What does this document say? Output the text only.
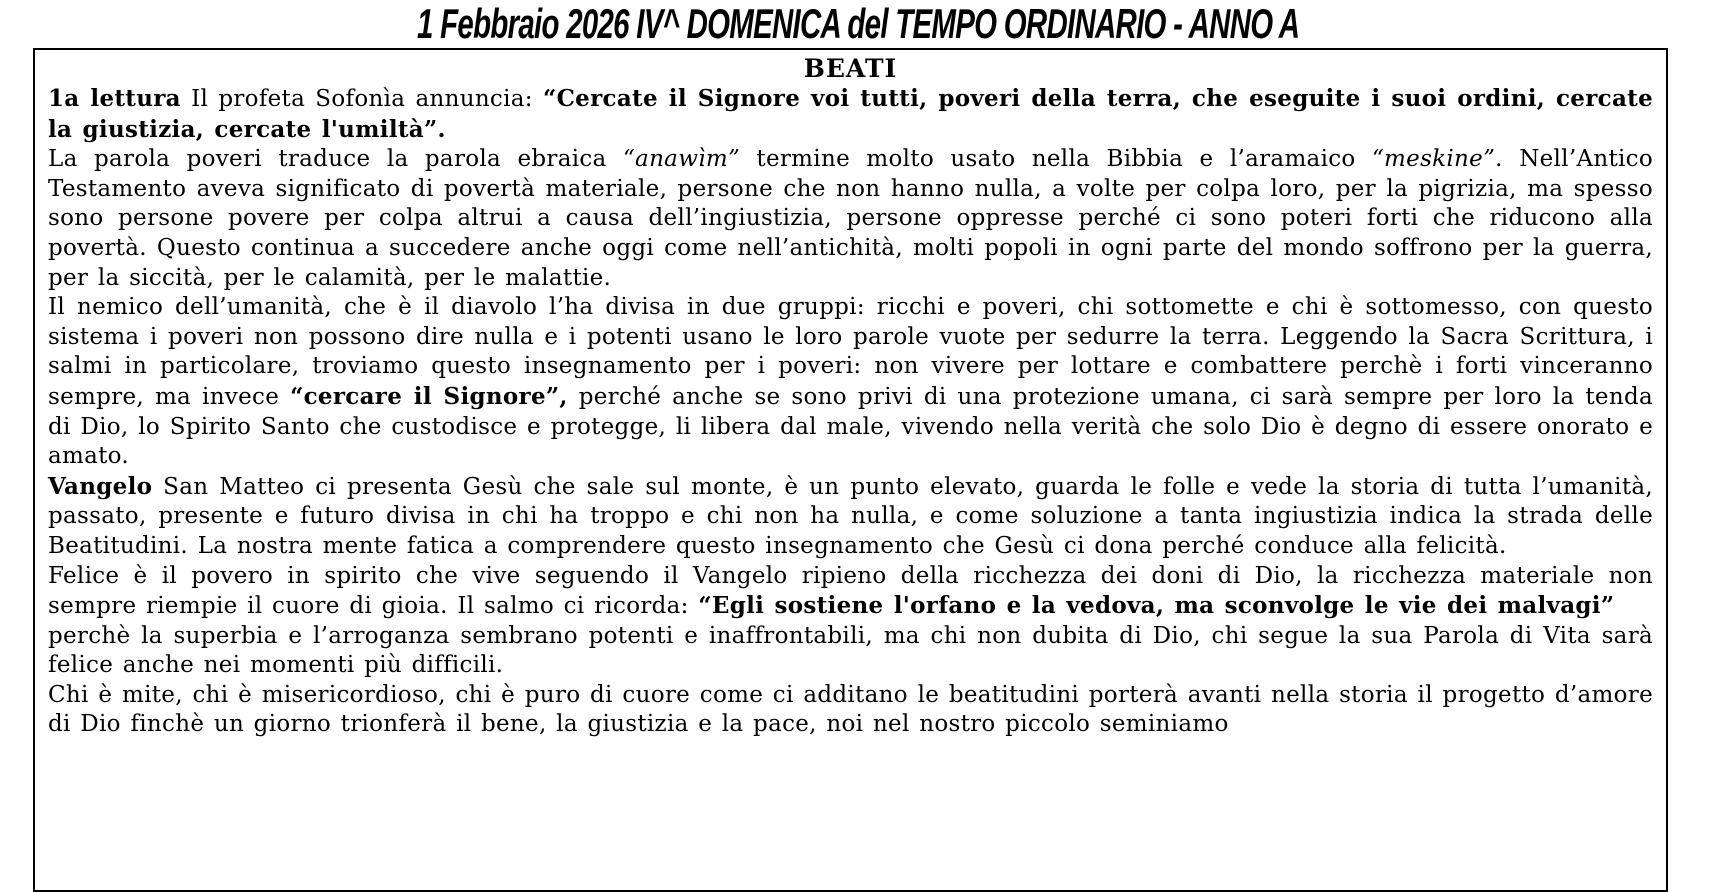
1 Febbraio 2026 IV^ DOMENICA del TEMPO ORDINARIO - ANNO A
BEATI

1a lettura Il profeta Sofonìa annuncia: “Cercate il Signore voi tutti, poveri della terra, che eseguite i suoi ordini, cercate la giustizia, cercate l'umiltà”.

La parola poveri traduce la parola ebraica “anawìm” termine molto usato nella Bibbia e l’aramaico “meskine”. Nell’Antico Testamento aveva significato di povertà materiale, persone che non hanno nulla, a volte per colpa loro, per la pigrizia, ma spesso sono persone povere per colpa altrui a causa dell’ingiustizia, persone oppresse perché ci sono poteri forti che riducono alla povertà. Questo continua a succedere anche oggi come nell’antichità, molti popoli in ogni parte del mondo soffrono per la guerra, per la siccità, per le calamità, per le malattie.

Il nemico dell’umanità, che è il diavolo l’ha divisa in due gruppi: ricchi e poveri, chi sottomette e chi è sottomesso, con questo sistema i poveri non possono dire nulla e i potenti usano le loro parole vuote per sedurre la terra. Leggendo la Sacra Scrittura, i salmi in particolare, troviamo questo insegnamento per i poveri: non vivere per lottare e combattere perchè i forti vinceranno sempre, ma invece “cercare il Signore”, perché anche se sono privi di una protezione umana, ci sarà sempre per loro la tenda di Dio, lo Spirito Santo che custodisce e protegge, li libera dal male, vivendo nella verità che solo Dio è degno di essere onorato e amato.

Vangelo San Matteo ci presenta Gesù che sale sul monte, è un punto elevato, guarda le folle e vede la storia di tutta l’umanità, passato, presente e futuro divisa in chi ha troppo e chi non ha nulla, e come soluzione a tanta ingiustizia indica la strada delle Beatitudini. La nostra mente fatica a comprendere questo insegnamento che Gesù ci dona perché conduce alla felicità.

Felice è il povero in spirito che vive seguendo il Vangelo ripieno della ricchezza dei doni di Dio, la ricchezza materiale non sempre riempie il cuore di gioia. Il salmo ci ricorda: “Egli sostiene l'orfano e la vedova, ma sconvolge le vie dei malvagi”

perchè la superbia e l’arroganza sembrano potenti e inaffrontabili, ma chi non dubita di Dio, chi segue la sua Parola di Vita sarà felice anche nei momenti più difficili.

Chi è mite, chi è misericordioso, chi è puro di cuore come ci additano le beatitudini porterà avanti nella storia il progetto d’amore di Dio finchè un giorno trionferà il bene, la giustizia e la pace, noi nel nostro piccolo seminiamo
